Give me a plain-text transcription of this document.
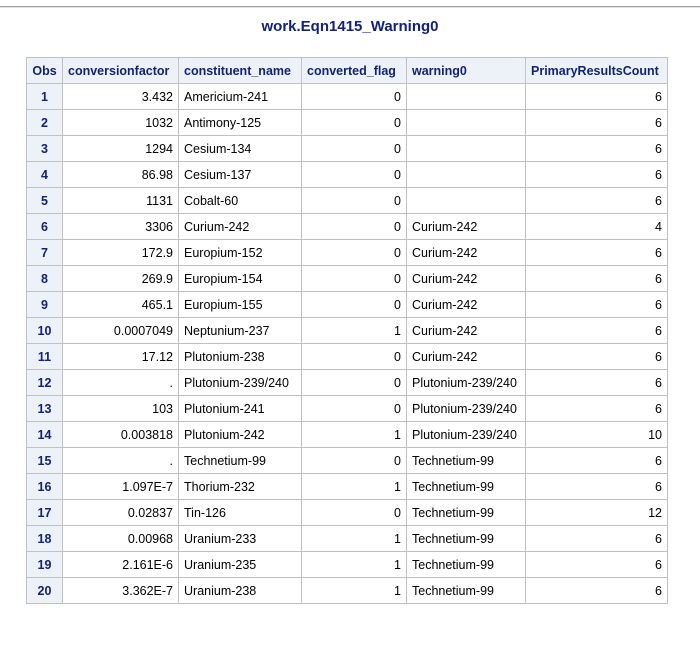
work.Eqn1415_Warning0
Obs	conversionfactor	constituent_name	converted_flag	warning0	PrimaryResultsCount
1	3.432	Americium-241	0		6
2	1032	Antimony-125	0		6
3	1294	Cesium-134	0		6
4	86.98	Cesium-137	0		6
5	1131	Cobalt-60	0		6
6	3306	Curium-242	0	Curium-242	4
7	172.9	Europium-152	0	Curium-242	6
8	269.9	Europium-154	0	Curium-242	6
9	465.1	Europium-155	0	Curium-242	6
10	0.0007049	Neptunium-237	1	Curium-242	6
11	17.12	Plutonium-238	0	Curium-242	6
12	.	Plutonium-239/240	0	Plutonium-239/240	6
13	103	Plutonium-241	0	Plutonium-239/240	6
14	0.003818	Plutonium-242	1	Plutonium-239/240	10
15	.	Technetium-99	0	Technetium-99	6
16	1.097E-7	Thorium-232	1	Technetium-99	6
17	0.02837	Tin-126	0	Technetium-99	12
18	0.00968	Uranium-233	1	Technetium-99	6
19	2.161E-6	Uranium-235	1	Technetium-99	6
20	3.362E-7	Uranium-238	1	Technetium-99	6
